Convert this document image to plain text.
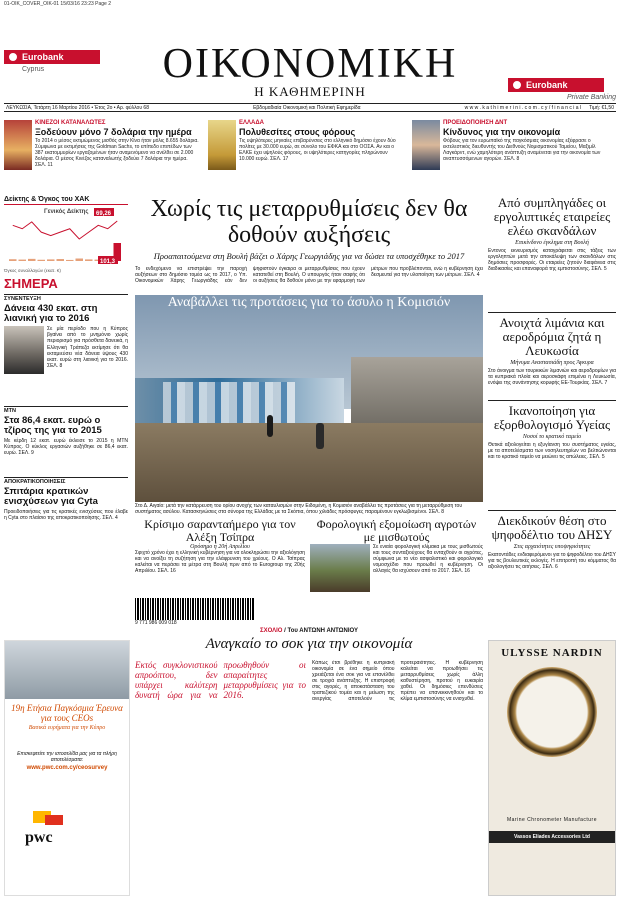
01-OIK_COVER_OIK-01 15/03/16 23:23 Page 2
Eurobank
Cyprus	ΟΙΚΟΝΟΜΙΚΗ
Η ΚΑΘΗΜΕΡΙΝΗ	Eurobank
Private Banking
ΛΕΥΚΩΣΙΑ, Τετάρτη 16 Μαρτίου 2016 • Έτος 2ο • Αρ. φύλλου 68	Εβδομαδιαία Οικονομική και Πολιτική Εφημερίδα	w w w . k a t h i m e r i n i . c o m . c y / f i n a n c i a l Τιμή: €1,50
ΚΙΝΕΖΟΙ ΚΑΤΑΝΑΛΩΤΕΣ
Ξοδεύουν μόνο 7 δολάρια την ημέρα
Το 2014 ο μέσος εκτιμώμενος μισθός στην Κίνα ήταν μόλις 8.655 δολάρια. Σύμφωνα με εκτιμήσεις της Goldman Sachs, το επίπεδο επιπέδων των 387 εκατομμυρίων εργαζομένων ήταν αναμενόμενο να ανέλθει σε 2.000 δολάρια. Ο μέσος Κινέζος καταναλωτής ξοδεύει 7 δολάρια την ημέρα. ΣΕΛ. 11
ΕΛΛΑΔΑ
Πολυθεσίτες στους φόρους
Τις υψηλότερες μηνιαίες επιβαρύνσεις στο ελληνικό δημόσιο έχουν δύο πολίτες με 30.000 ευρώ, σε σύνολο του ΕΦΚΑ και στο ΟΟΣΑ. Αν και ο ΕΛΚΕ έχει υψηλούς φόρους, οι υψηλότερες κατηγορίες πληρώνουν 10.000 ευρώ. ΣΕΛ. 17
ΠΡΟΕΙΔΟΠΟΙΗΣΗ ΔΝΤ
Κίνδυνος για την οικονομία
Φόβους για τον ευρωπαϊκό της παγκόσμιας οικονομίας εξέφρασε ο εκτελεστικός διευθυντής του Διεθνούς Νομισματικού Ταμείου, Μαξιμίλ Λαγκάρντ, ενώ χαμηλότερη ανάπτυξη αναμένεται για την οικονομία των αναπτυσσόμενων αγορών. ΣΕΛ. 8
Δείκτης & Όγκος του ΧΑΚ
Γενικός Δείκτης 69,26
101,3
Όγκος συναλλαγών (εκατ. €)
ΣΗΜΕΡΑ
ΣΥΝΕΝΤΕΥΞΗ
Δάνεια 430 εκατ. στη λιανική για το 2016
Σε μία περίοδο που η Κύπρος βγαίνει από το μνημόνιο χωρίς περιορισμό για πρόσθετα δανεικά, η Ελληνική Τράπεζα εκτίμησε ότι θα εκταμιεύσει νέα δάνεια ύψους 430 εκατ. ευρώ στη λιανική για το 2016. ΣΕΛ. 8
MTN
Στα 86,4 εκατ. ευρώ ο τζίρος της για το 2015
Με κέρδη 12 εκατ. ευρώ έκλεισε το 2015 η MTN Κύπρος. Ο κύκλος εργασιών αυξήθηκε σε 86,4 εκατ. ευρώ. ΣΕΛ. 9
ΑΠΟΚΡΑΤΙΚΟΠΟΙΗΣΕΙΣ
Σπιτάρια κρατικών ενισχύσεων για Cyta
Προειδοποιήσεις για τις κρατικές ενισχύσεις που έλαβε η Cyta στο πλαίσιο της αποκρατικοποίησης. ΣΕΛ. 4
Χωρίς τις μεταρρυθμίσεις δεν θα δοθούν αυξήσεις
Προαπαιτούμενα στη Βουλή βάζει ο Χάρης Γεωργιάδης για να δώσει τα υποσχέθηκε το 2017
Το ενδεχόμενο να επιστρέψει την παροχή αυξήσεων στο δημόσιο τομέα ως το 2017, ο Υπ. Οικονομικών Χάρης Γεωργιάδης εάν δεν ψηφιστούν έγκαιρα οι μεταρρυθμίσεις που έχουν κατατεθεί στη Βουλή. Ο υπουργός ήταν σαφής ότι οι αυξήσεις θα δοθούν μόνο με την εφαρμογή των μέτρων που προβλέπονται, ενώ η κυβέρνηση έχει δεσμευτεί για την υλοποίηση των μέτρων. ΣΕΛ. 4
Αναβάλλει τις προτάσεις για το άσυλο η Κομισιόν
Στο Δ. Αιγαίο: μετά την κατάρρευση του ορίου ανοχής των καταυλισμών στην Ειδομένη, η Κομισιόν αναβάλλει τις προτάσεις για τη μεταρρύθμιση του συστήματος ασύλου. Κατασκηνώσεις στα σύνορα της Ελλάδας με τα Σκόπια, όπου χιλιάδες πρόσφυγες παραμένουν εγκλωβισμένοι. ΣΕΛ. 8
Κρίσιμο σαρανταήμερο για τον Αλέξη Τσίπρα
Ορόσημο η 20ή Απριλίου
Σφιχτό χρόνο έχει η ελληνική κυβέρνηση για να ολοκληρώσει την αξιολόγηση και να ανοίξει τη συζήτηση για την ελάφρυνση του χρέους. Ο Αλ. Τσίπρας καλείται να περάσει τα μέτρα στη Βουλή πριν από το Eurogroup της 20ής Απριλίου. ΣΕΛ. 16
Φορολογική εξομοίωση αγροτών με μισθωτούς
Σε ενιαία φορολογική κλίμακα με τους μισθωτούς και τους συνταξιούχους θα ενταχθούν οι αγρότες, σύμφωνα με το νέο ασφαλιστικό και φορολογικό νομοσχέδιο που προωθεί η κυβέρνηση. Οι αλλαγές θα ισχύσουν από το 2017. ΣΕΛ. 16
9 771 986 009 018
Από συμπληγάδες οι εργολιπτικές εταιρείες ελέω σκανδάλων
Επικίνδυνο έγκλημα στη Βουλή
Εντονος εκνευρισμός καταγράφεται στις τάξεις των εργοληπτών μετά την αποκάλυψη των σκανδάλων στις δημόσιες προσφορές. Οι εταιρείες ζητούν διαφάνεια στις διαδικασίες και επαναφορά της εμπιστοσύνης. ΣΕΛ. 5
Ανοιχτά λιμάνια και αεροδρόμια ζητά η Λευκωσία
Μήνυμα Αναστασιάδη προς Άγκυρα
Στο άνοιγμα των τουρκικών λιμανιών και αεροδρομίων για τα κυπριακά πλοία και αεροσκάφη επιμένει η Λευκωσία, ενόψει της συνάντησης κορυφής ΕΕ-Τουρκίας. ΣΕΛ. 7
Ικανοποίηση για εξορθολογισμό Υγείας
Νοσοί το κρατικό ταμείο
Θετικά αξιολογείται η εξυγίανση του συστήματος υγείας, με τα αποτελέσματα των νοσηλευτηρίων να βελτιώνονται και το κρατικό ταμείο να μειώνει τις απώλειες. ΣΕΛ. 5
Διεκδικούν θέση στο ψηφοδέλτιο του ΔΗΣΥ
Στις αρχαιότητες υποψηφιότητες
Εκατοντάδες ενδιαφερόμενοι για το ψηφοδέλτιο του ΔΗΣΥ για τις βουλευτικές εκλογές. Η επιτροπή του κόμματος θα αξιολογήσει τις αιτήσεις. ΣΕΛ. 6
ΣΧΟΛΙΟ / Του ΑΝΤΩΝΗ ΑΝΤΩΝΙΟΥ
Αναγκαίο το σοκ για την οικονομία
Εκτός συγκλονιστικού απροόπτου, δεν υπάρχει καλύτερη δυνατή ώρα για να προωθηθούν οι απαραίτητες μεταρρυθμίσεις για το 2016.
Κάπως έτσι βρέθηκε η κυπριακή οικονομία σε ένα σημείο όπου χρειάζεται ένα σοκ για να επανέλθει σε τροχιά ανάπτυξης. Η επιστροφή στις αγορές, η αποκατάσταση του τραπεζικού τομέα και η μείωση της ανεργίας αποτελούν τις προτεραιότητες. Η κυβέρνηση καλείται να προωθήσει τις μεταρρυθμίσεις χωρίς άλλη καθυστέρηση, προτού η ευκαιρία χαθεί. Οι δημόσιες επενδύσεις πρέπει να επανεκκινηθούν και το κλίμα εμπιστοσύνης να ενισχυθεί.
19η Ετήσια Παγκόσμια Έρευνα για τους CEOs
Βασικά ευρήματα για την Κύπρο
Επισκεφτείτε την ιστοσελίδα μας για τα πλήρη αποτελέσματα:
www.pwc.com.cy/ceosurvey
pwc
ULYSSE NARDIN
Marine Chronometer Manufacture
Vassos Eliades Accessories Ltd
